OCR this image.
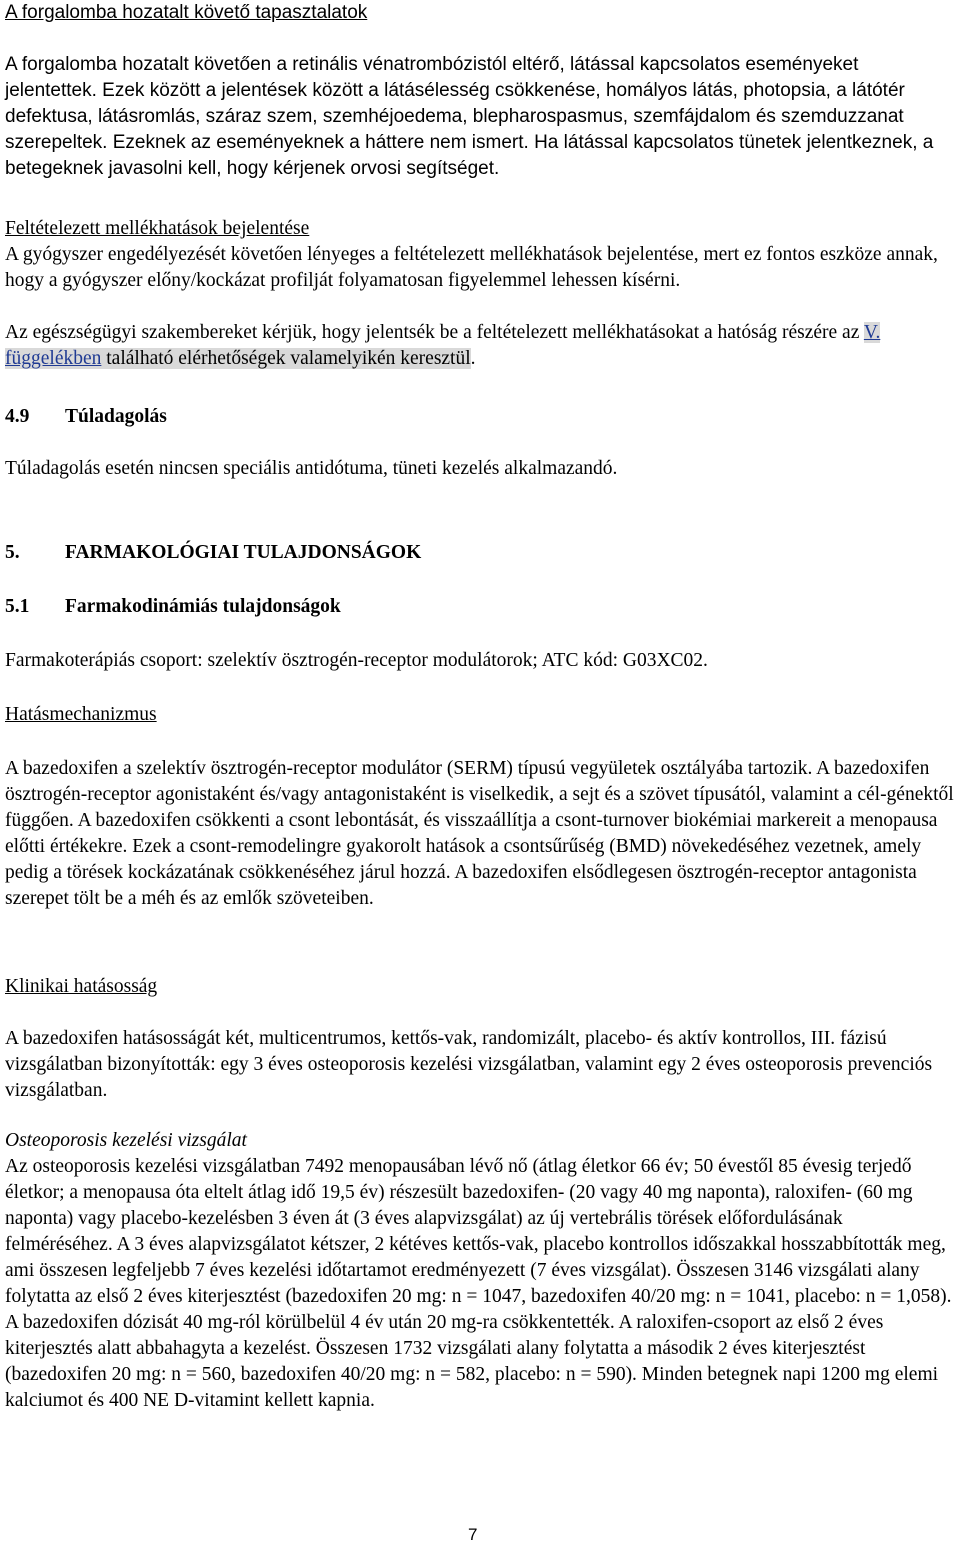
A forgalomba hozatalt követő tapasztalatok

A forgalomba hozatalt követően a retinális vénatrombózistól eltérő, látással kapcsolatos eseményeket jelentettek. Ezek között a jelentések között a látásélesség csökkenése, homályos látás, photopsia, a látótér defektusa, látásromlás, száraz szem, szemhéjoedema, blepharospasmus, szemfájdalom és szemduzzanat szerepeltek. Ezeknek az eseményeknek a háttere nem ismert. Ha látással kapcsolatos tünetek jelentkeznek, a betegeknek javasolni kell, hogy kérjenek orvosi segítséget.

Feltételezett mellékhatások bejelentése

A gyógyszer engedélyezését követően lényeges a feltételezett mellékhatások bejelentése, mert ez fontos eszköze annak, hogy a gyógyszer előny/kockázat profilját folyamatosan figyelemmel lehessen kísérni.

Az egészségügyi szakembereket kérjük, hogy jelentsék be a feltételezett mellékhatásokat a hatóság részére az V. függelékben található elérhetőségek valamelyikén keresztül.

4.9 Túladagolás

Túladagolás esetén nincsen speciális antidótuma, tüneti kezelés alkalmazandó.

5. FARMAKOLÓGIAI TULAJDONSÁGOK

5.1 Farmakodinámiás tulajdonságok

Farmakoterápiás csoport: szelektív ösztrogén-receptor modulátorok; ATC kód: G03XC02.

Hatásmechanizmus

A bazedoxifen a szelektív ösztrogén-receptor modulátor (SERM) típusú vegyületek osztályába tartozik. A bazedoxifen ösztrogén-receptor agonistaként és/vagy antagonistaként is viselkedik, a sejt és a szövet típusától, valamint a cél-génektől függően. A bazedoxifen csökkenti a csont lebontását, és visszaállítja a csont-turnover biokémiai markereit a menopausa előtti értékekre. Ezek a csont-remodelingre gyakorolt hatások a csontsűrűség (BMD) növekedéséhez vezetnek, amely pedig a törések kockázatának csökkenéséhez járul hozzá. A bazedoxifen elsődlegesen ösztrogén-receptor antagonista szerepet tölt be a méh és az emlők szöveteiben.

Klinikai hatásosság

A bazedoxifen hatásosságát két, multicentrumos, kettős-vak, randomizált, placebo- és aktív kontrollos, III. fázisú vizsgálatban bizonyították: egy 3 éves osteoporosis kezelési vizsgálatban, valamint egy 2 éves osteoporosis prevenciós vizsgálatban.

Osteoporosis kezelési vizsgálat

Az osteoporosis kezelési vizsgálatban 7492 menopausában lévő nő (átlag életkor 66 év; 50 évestől 85 évesig terjedő életkor; a menopausa óta eltelt átlag idő 19,5 év) részesült bazedoxifen- (20 vagy 40 mg naponta), raloxifen- (60 mg naponta) vagy placebo-kezelésben 3 éven át (3 éves alapvizsgálat) az új vertebrális törések előfordulásának felméréséhez. A 3 éves alapvizsgálatot kétszer, 2 kétéves kettős-vak, placebo kontrollos időszakkal hosszabbították meg, ami összesen legfeljebb 7 éves kezelési időtartamot eredményezett (7 éves vizsgálat). Összesen 3146 vizsgálati alany folytatta az első 2 éves kiterjesztést (bazedoxifen 20 mg: n = 1047, bazedoxifen 40/20 mg: n = 1041, placebo: n = 1,058). A bazedoxifen dózisát 40 mg-ról körülbelül 4 év után 20 mg-ra csökkentették. A raloxifen-csoport az első 2 éves kiterjesztés alatt abbahagyta a kezelést. Összesen 1732 vizsgálati alany folytatta a második 2 éves kiterjesztést (bazedoxifen 20 mg: n = 560, bazedoxifen 40/20 mg: n = 582, placebo: n = 590). Minden betegnek napi 1200 mg elemi kalciumot és 400 NE D-vitamint kellett kapnia.

7
